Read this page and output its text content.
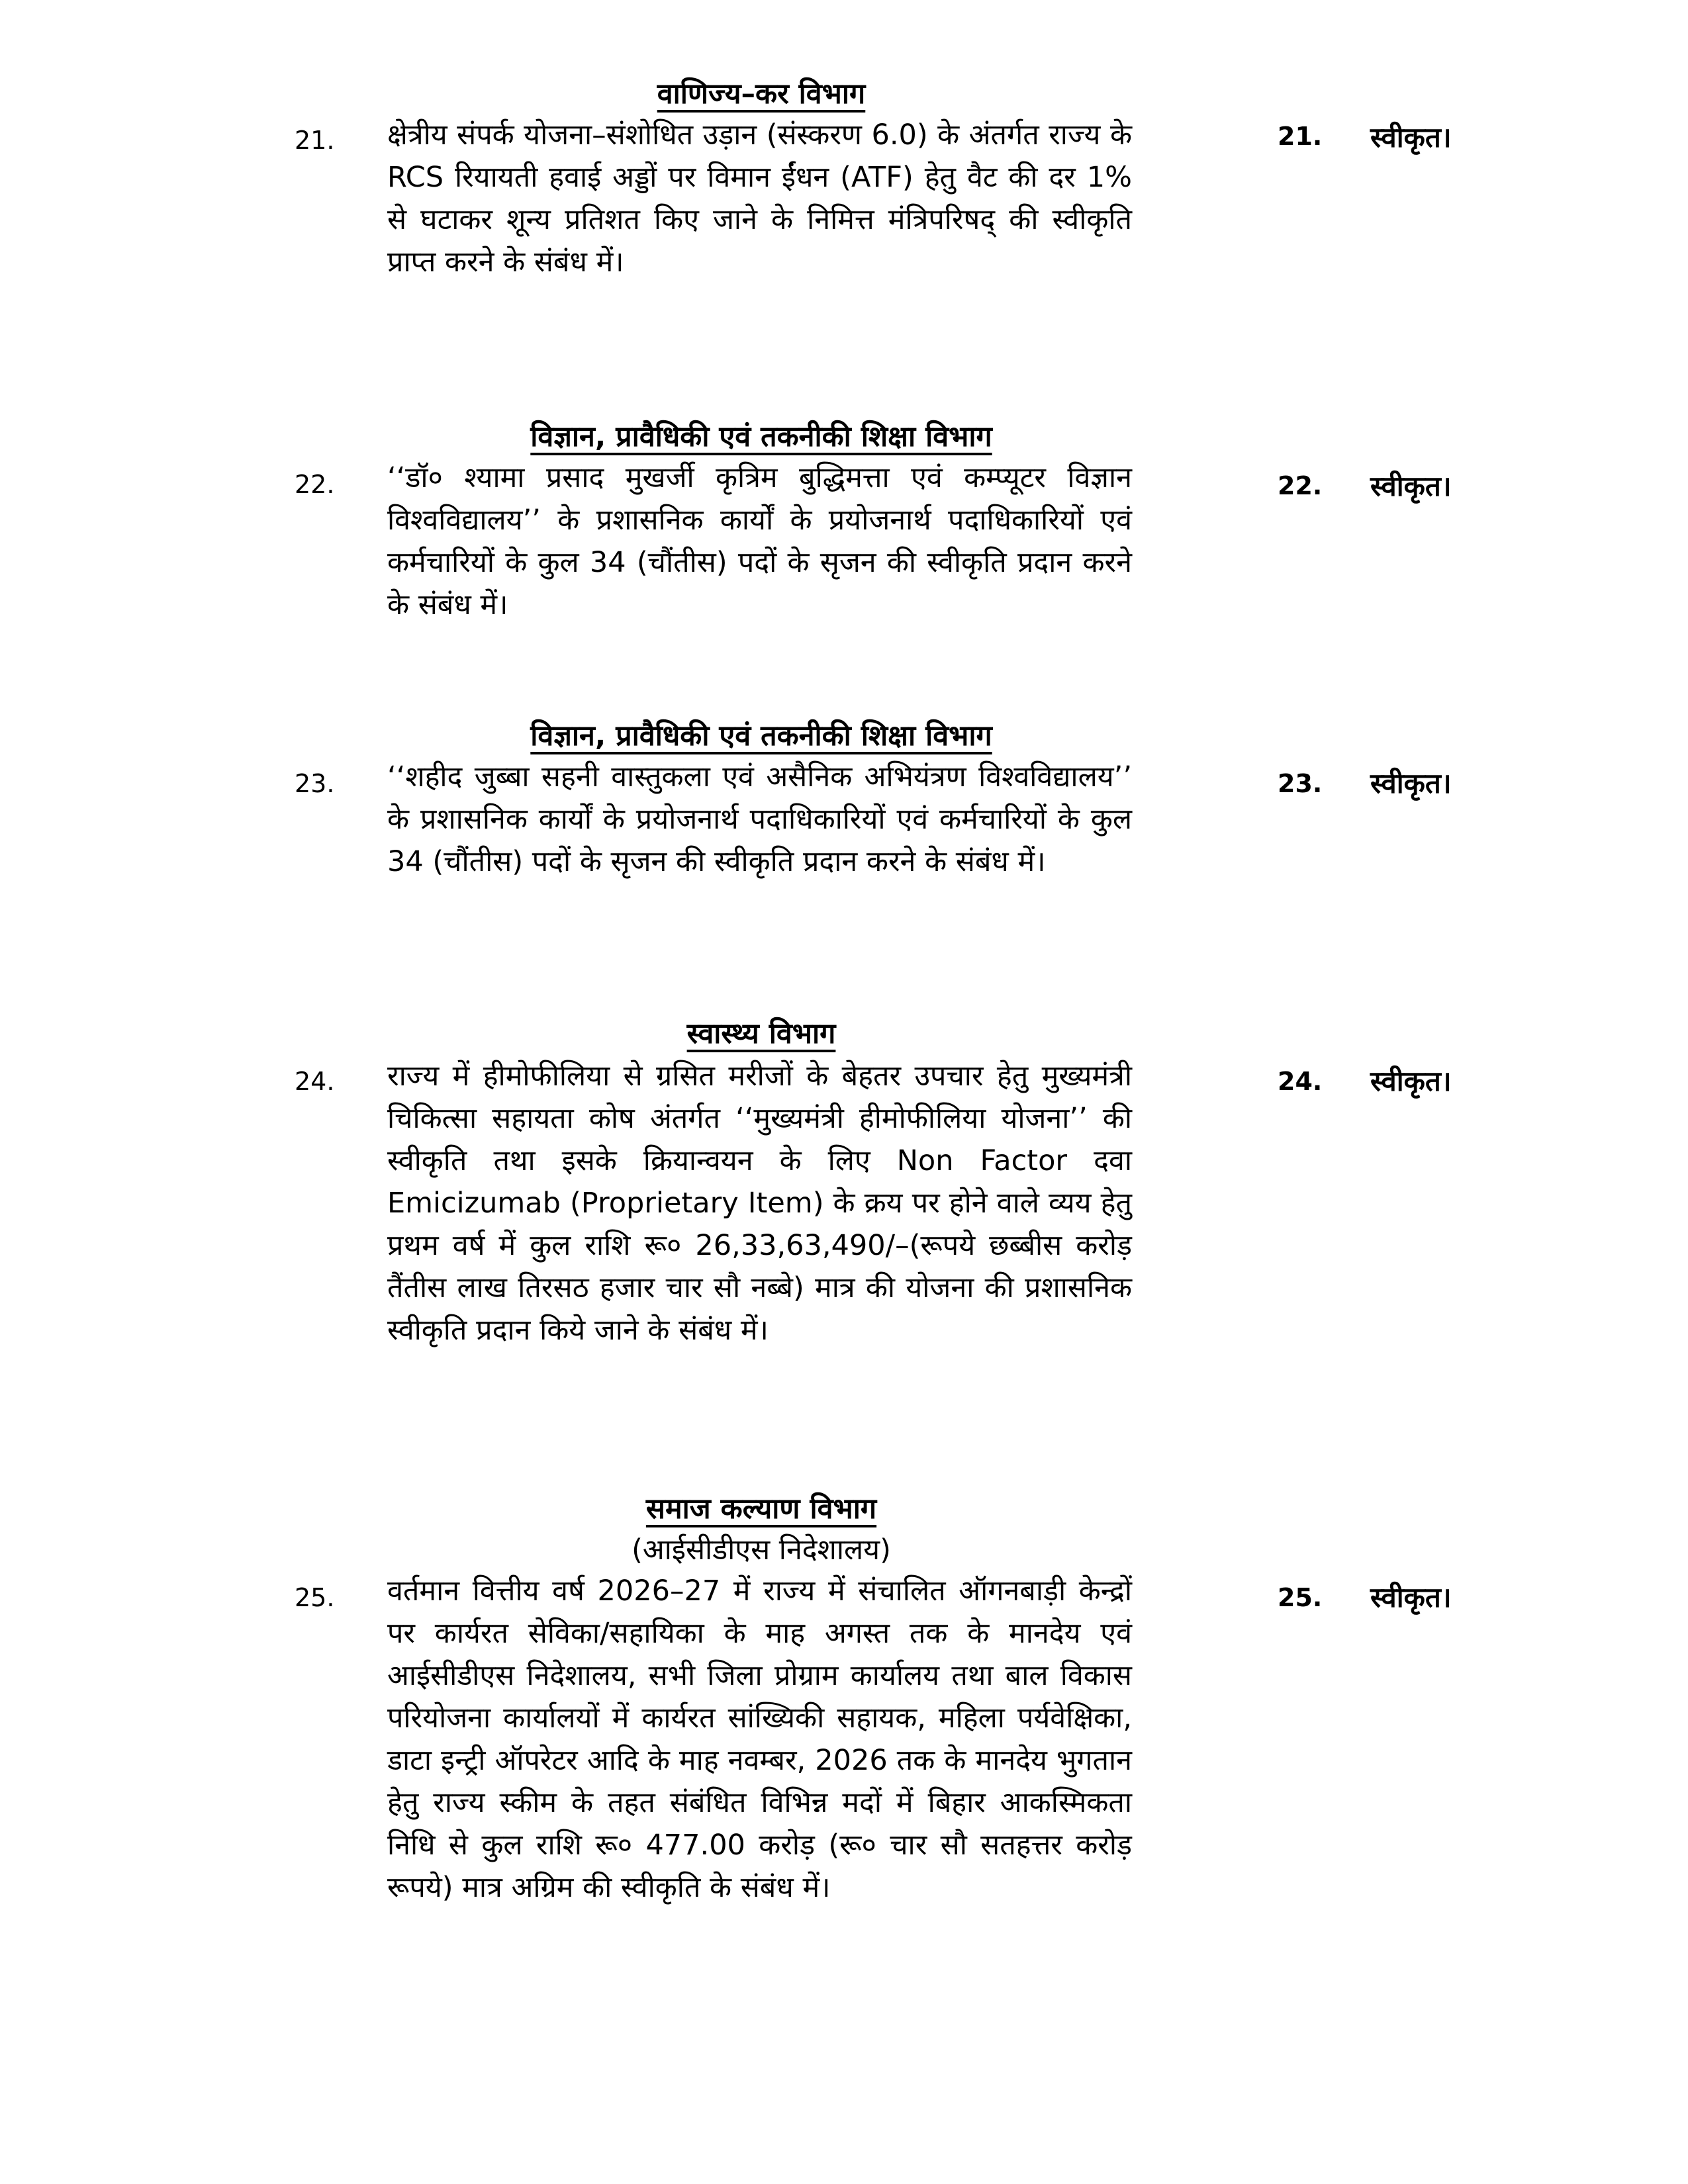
वाणिज्य–कर विभाग
21. क्षेत्रीय संपर्क योजना–संशोधित उड़ान (संस्करण 6.0) के अंतर्गत राज्य के RCS रियायती हवाई अड्डों पर विमान ईंधन (ATF) हेतु वैट की दर 1% से घटाकर शून्य प्रतिशत किए जाने के निमित्त मंत्रिपरिषद् की स्वीकृति प्राप्त करने के संबंध में।
21. स्वीकृत।
विज्ञान, प्रावैधिकी एवं तकनीकी शिक्षा विभाग
22. ‘‘डॉ० श्यामा प्रसाद मुखर्जी कृत्रिम बुद्धिमत्ता एवं कम्प्यूटर विज्ञान विश्वविद्यालय’’ के प्रशासनिक कार्यों के प्रयोजनार्थ पदाधिकारियों एवं कर्मचारियों के कुल 34 (चौंतीस) पदों के सृजन की स्वीकृति प्रदान करने के संबंध में।
22. स्वीकृत।
विज्ञान, प्रावैधिकी एवं तकनीकी शिक्षा विभाग
23. ‘‘शहीद जुब्बा सहनी वास्तुकला एवं असैनिक अभियंत्रण विश्वविद्यालय’’ के प्रशासनिक कार्यों के प्रयोजनार्थ पदाधिकारियों एवं कर्मचारियों के कुल 34 (चौंतीस) पदों के सृजन की स्वीकृति प्रदान करने के संबंध में।
23. स्वीकृत।
स्वास्थ्य विभाग
24. राज्य में हीमोफीलिया से ग्रसित मरीजों के बेहतर उपचार हेतु मुख्यमंत्री चिकित्सा सहायता कोष अंतर्गत ‘‘मुख्यमंत्री हीमोफीलिया योजना’’ की स्वीकृति तथा इसके क्रियान्वयन के लिए Non Factor दवा Emicizumab (Proprietary Item) के क्रय पर होने वाले व्यय हेतु प्रथम वर्ष में कुल राशि रू० 26,33,63,490/–(रूपये छब्बीस करोड़ तैंतीस लाख तिरसठ हजार चार सौ नब्बे) मात्र की योजना की प्रशासनिक स्वीकृति प्रदान किये जाने के संबंध में।
24. स्वीकृत।
समाज कल्याण विभाग
(आईसीडीएस निदेशालय)
25. वर्तमान वित्तीय वर्ष 2026–27 में राज्य में संचालित ऑगनबाड़ी केन्द्रों पर कार्यरत सेविका/सहायिका के माह अगस्त तक के मानदेय एवं आईसीडीएस निदेशालय, सभी जिला प्रोग्राम कार्यालय तथा बाल विकास परियोजना कार्यालयों में कार्यरत सांख्यिकी सहायक, महिला पर्यवेक्षिका, डाटा इन्ट्री ऑपरेटर आदि के माह नवम्बर, 2026 तक के मानदेय भुगतान हेतु राज्य स्कीम के तहत संबंधित विभिन्न मदों में बिहार आकस्मिकता निधि से कुल राशि रू० 477.00 करोड़ (रू० चार सौ सतहत्तर करोड़ रूपये) मात्र अग्रिम की स्वीकृति के संबंध में।
25. स्वीकृत।
